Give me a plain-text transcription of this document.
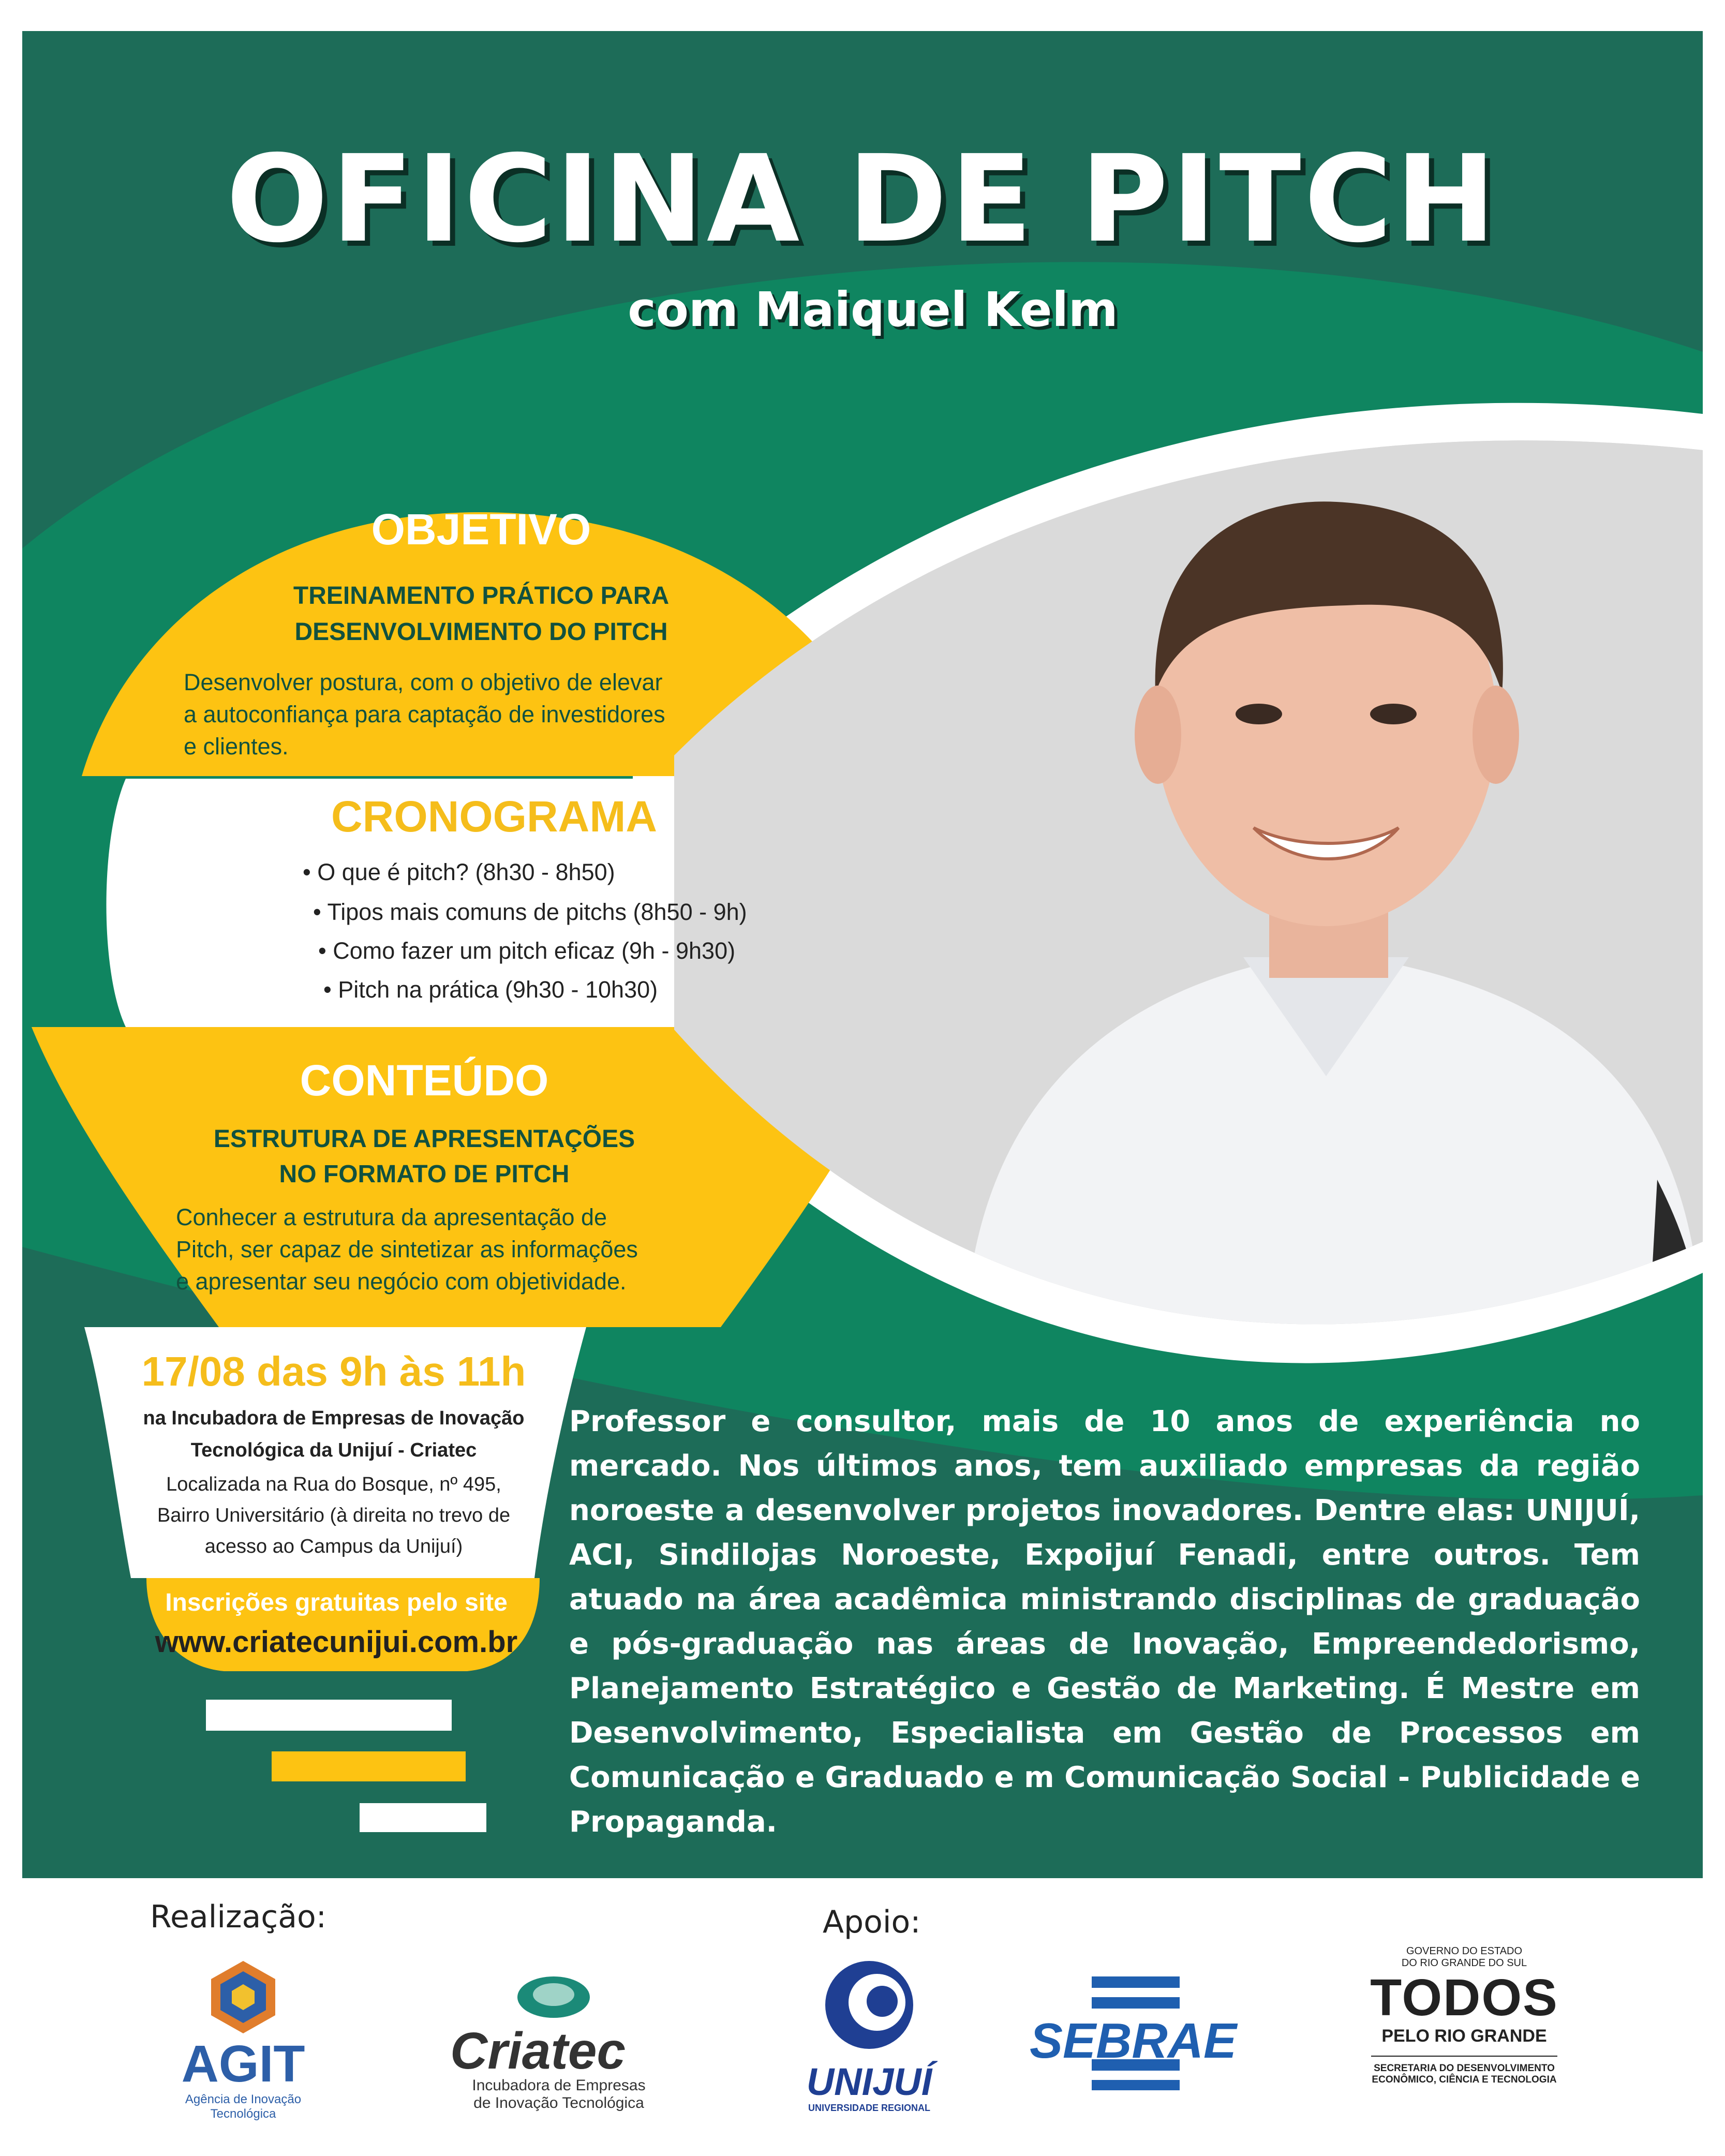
OFICINA DE PITCH
com Maiquel Kelm
OBJETIVO
TREINAMENTO PRÁTICO PARA
DESENVOLVIMENTO DO PITCH
Desenvolver postura, com o objetivo de elevar
a autoconfiança para captação de investidores
e clientes.
CRONOGRAMA
• O que é pitch? (8h30 - 8h50)
• Tipos mais comuns de pitchs (8h50 - 9h)
• Como fazer um pitch eficaz (9h - 9h30)
• Pitch na prática (9h30 - 10h30)
CONTEÚDO
ESTRUTURA DE APRESENTAÇÕES
NO FORMATO DE PITCH
Conhecer a estrutura da apresentação de
Pitch, ser capaz de sintetizar as informações
e apresentar seu negócio com objetividade.
17/08 das 9h às 11h
na Incubadora de Empresas de Inovação
Tecnológica da Unijuí - Criatec
Localizada na Rua do Bosque, nº 495,
Bairro Universitário (à direita no trevo de
acesso ao Campus da Unijuí)
Inscrições gratuitas pelo site
www.criatecunijui.com.br
Professor e consultor, mais de 10 anos de experiência no mercado. Nos últimos anos, tem auxiliado empresas da região noroeste a desenvolver projetos inovadores. Dentre elas: UNIJUÍ, ACI, Sindilojas Noroeste, Expoijuí Fenadi, entre outros. Tem atuado na área acadêmica ministrando disciplinas de graduação e pós-graduação nas áreas de Inovação, Empreendedorismo, Planejamento Estratégico e Gestão de Marketing. É Mestre em Desenvolvimento, Especialista em Gestão de Processos em Comunicação e Graduado e m Comunicação Social - Publicidade e Propaganda.
Realização:	Apoio:
AGIT
Agência de Inovação Tecnológica
Criatec
Incubadora de Empresas
de Inovação Tecnológica	UNIJUÍ
UNIVERSIDADE REGIONAL
SEBRAE
GOVERNO DO ESTADO
DO RIO GRANDE DO SUL
TODOS
PELO RIO GRANDE
SECRETARIA DO DESENVOLVIMENTO
ECONÔMICO, CIÊNCIA E TECNOLOGIA
